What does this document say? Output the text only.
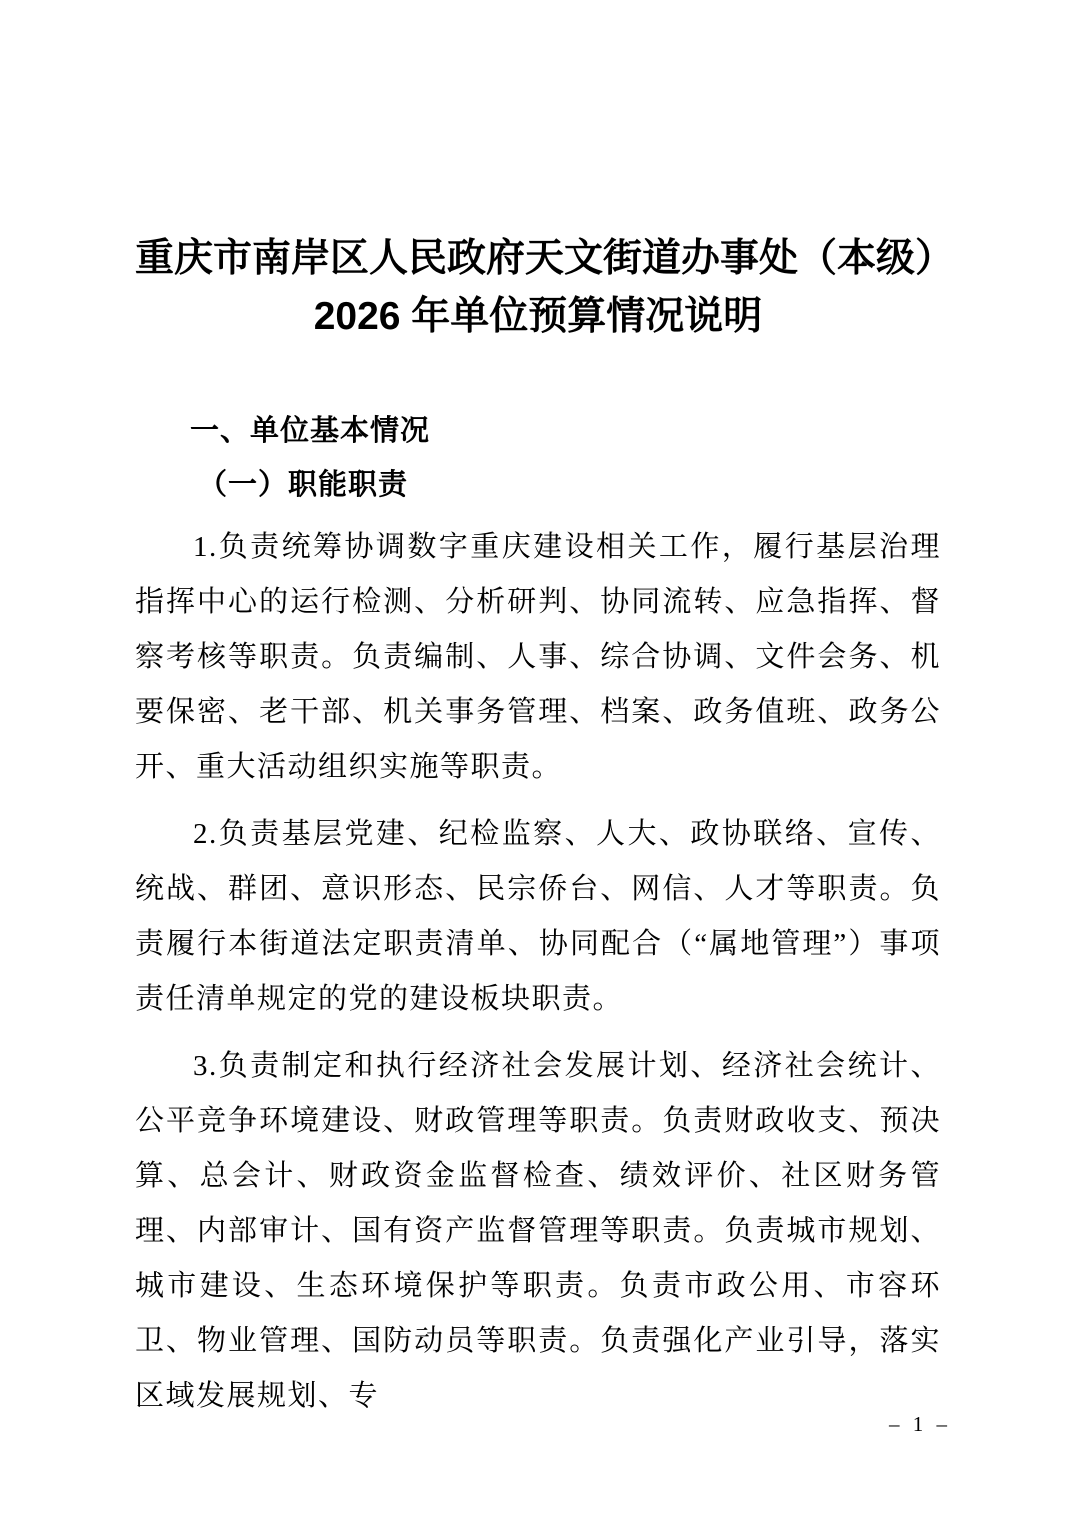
重庆市南岸区人民政府天文街道办事处（本级）
2026 年单位预算情况说明
一、单位基本情况
（一）职能职责

1.负责统筹协调数字重庆建设相关工作，履行基层治理指挥中心的运行检测、分析研判、协同流转、应急指挥、督察考核等职责。负责编制、人事、综合协调、文件会务、机要保密、老干部、机关事务管理、档案、政务值班、政务公开、重大活动组织实施等职责。

2.负责基层党建、纪检监察、人大、政协联络、宣传、统战、群团、意识形态、民宗侨台、网信、人才等职责。负责履行本街道法定职责清单、协同配合（“属地管理”）事项责任清单规定的党的建设板块职责。

3.负责制定和执行经济社会发展计划、经济社会统计、公平竞争环境建设、财政管理等职责。负责财政收支、预决算、总会计、财政资金监督检查、绩效评价、社区财务管理、内部审计、国有资产监督管理等职责。负责城市规划、城市建设、生态环境保护等职责。负责市政公用、市容环卫、物业管理、国防动员等职责。负责强化产业引导，落实区域发展规划、专

– 1 –
